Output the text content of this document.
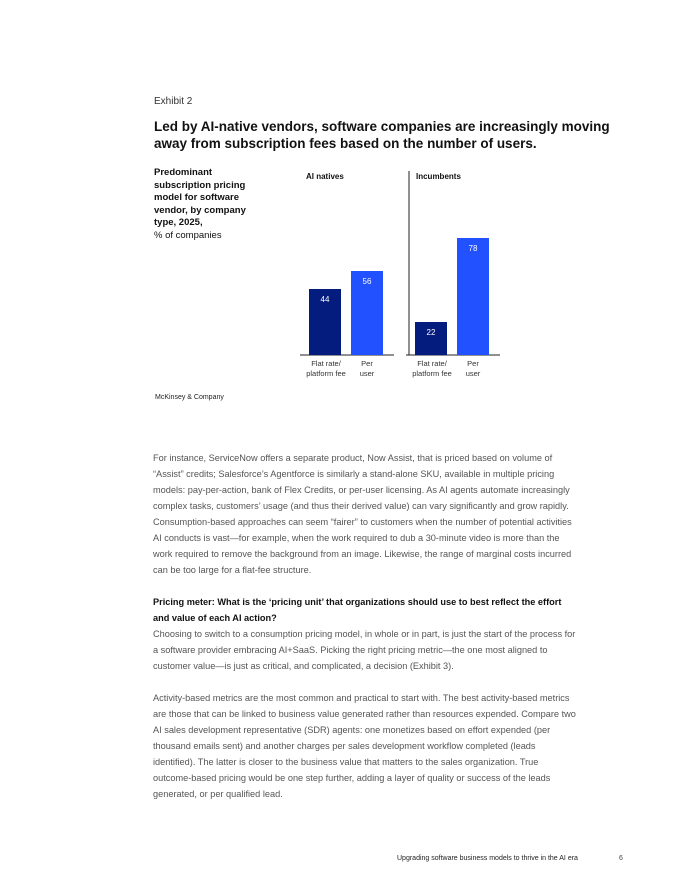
Exhibit 2
Led by AI-native vendors, software companies are increasingly moving away from subscription fees based on the number of users.
Predominant subscription pricing model for software vendor, by company type, 2025,
% of companies
AI natives	Incumbents
44
Flat rate/
platform fee
56
Per
user
22
Flat rate/
platform fee
78
Per
user
McKinsey & Company

For instance, ServiceNow offers a separate product, Now Assist, that is priced based on volume of “Assist” credits; Salesforce’s Agentforce is similarly a stand-alone SKU, available in multiple pricing models: pay-per-action, bank of Flex Credits, or per-user licensing. As AI agents automate increasingly complex tasks, customers’ usage (and thus their derived value) can vary significantly and grow rapidly. Consumption-based approaches can seem “fairer” to customers when the number of potential activities AI conducts is vast—for example, when the work required to dub a 30-minute video is more than the work required to remove the background from an image. Likewise, the range of marginal costs incurred can be too large for a flat-fee structure.

Pricing meter: What is the ‘pricing unit’ that organizations should use to best reflect the effort and value of each AI action?

Choosing to switch to a consumption pricing model, in whole or in part, is just the start of the process for a software provider embracing AI+SaaS. Picking the right pricing metric—the one most aligned to customer value—is just as critical, and complicated, a decision (Exhibit 3).

Activity-based metrics are the most common and practical to start with. The best activity-based metrics are those that can be linked to business value generated rather than resources expended. Compare two AI sales development representative (SDR) agents: one monetizes based on effort expended (per thousand emails sent) and another charges per sales development workflow completed (leads identified). The latter is closer to the business value that matters to the sales organization. True outcome-based pricing would be one step further, adding a layer of quality or success of the leads generated, or per qualified lead.

Upgrading software business models to thrive in the AI era	6
